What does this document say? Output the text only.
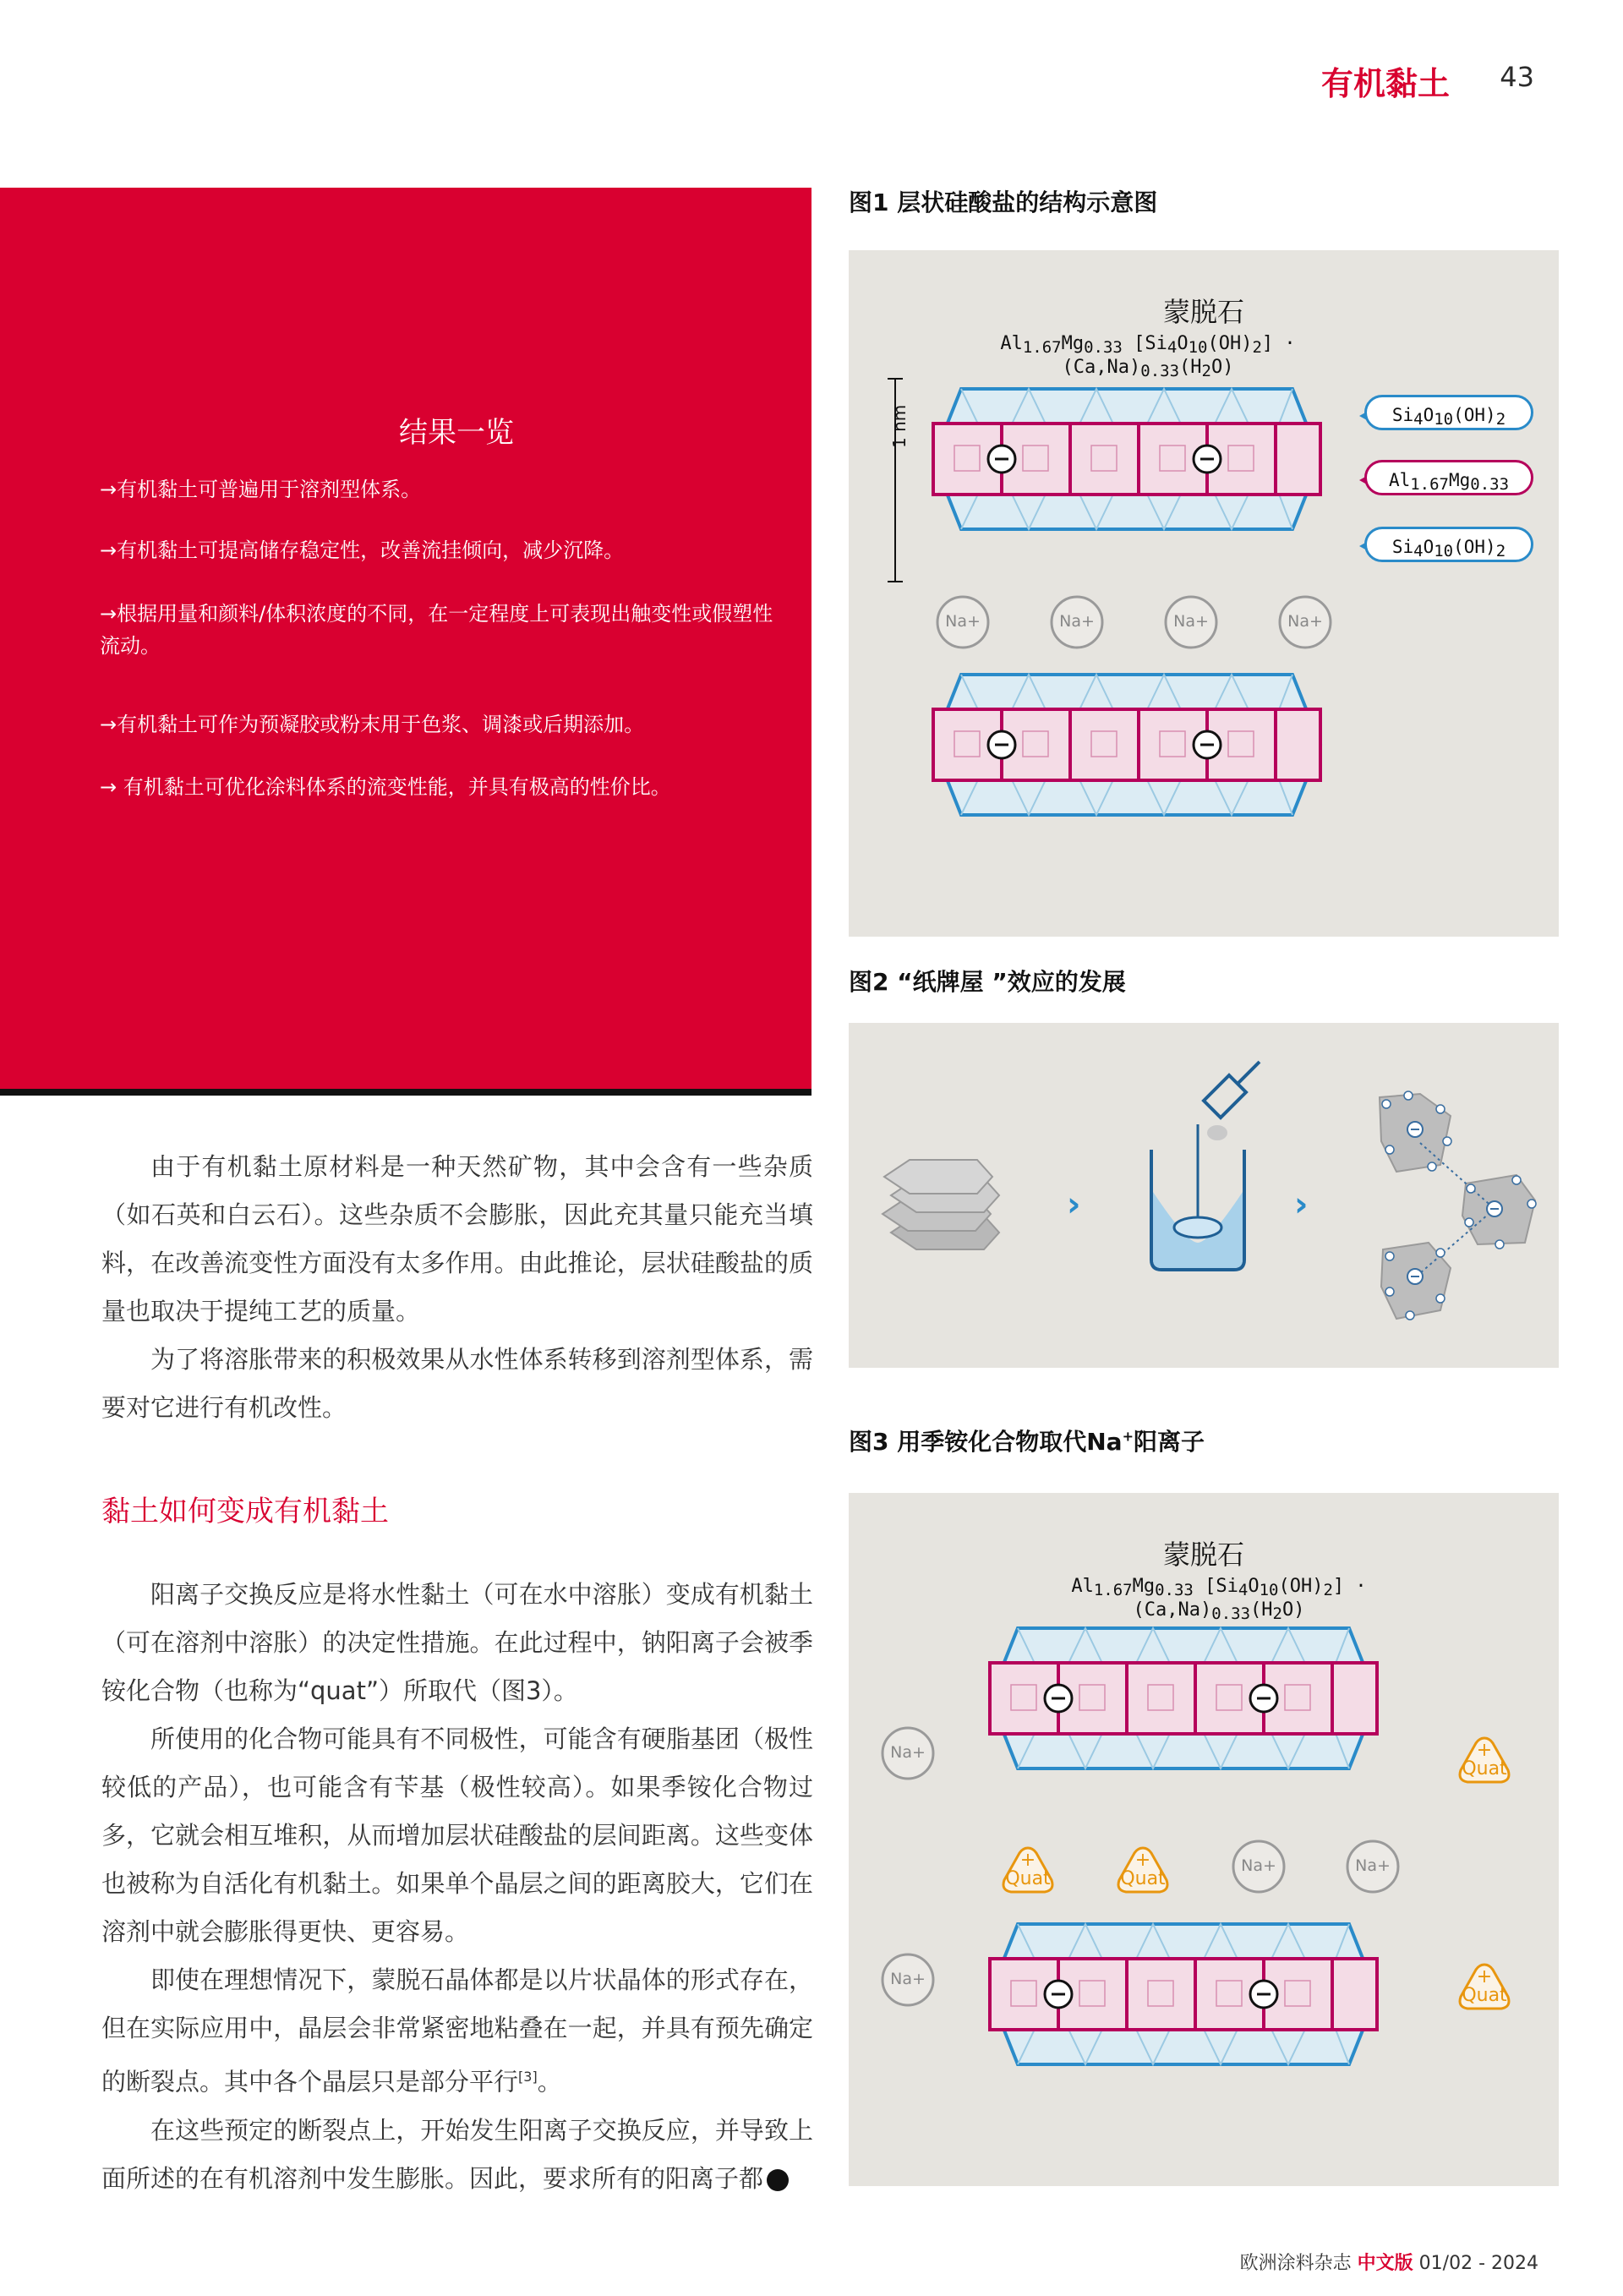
有机黏土 43
结果一览
→有机黏土可普遍用于溶剂型体系。
→有机黏土可提高储存稳定性，改善流挂倾向，减少沉降。
→根据用量和颜料/体积浓度的不同，在一定程度上可表现出触变性或假塑性流动。
→有机黏土可作为预凝胶或粉末用于色浆、调漆或后期添加。
→ 有机黏土可优化涂料体系的流变性能，并具有极高的性价比。

由于有机黏土原材料是一种天然矿物，其中会含有一些杂质（如石英和白云石）。这些杂质不会膨胀，因此充其量只能充当填料，在改善流变性方面没有太多作用。由此推论，层状硅酸盐的质量也取决于提纯工艺的质量。

为了将溶胀带来的积极效果从水性体系转移到溶剂型体系，需要对它进行有机改性。

黏土如何变成有机黏土

阳离子交换反应是将水性黏土（可在水中溶胀）变成有机黏土（可在溶剂中溶胀）的决定性措施。在此过程中，钠阳离子会被季铵化合物（也称为“quat”）所取代（图3）。

所使用的化合物可能具有不同极性，可能含有硬脂基团（极性较低的产品），也可能含有苄基（极性较高）。如果季铵化合物过多，它就会相互堆积，从而增加层状硅酸盐的层间距离。这些变体也被称为自活化有机黏土。如果单个晶层之间的距离胶大，它们在溶剂中就会膨胀得更快、更容易。

即使在理想情况下，蒙脱石晶体都是以片状晶体的形式存在，但在实际应用中，晶层会非常紧密地粘叠在一起，并具有预先确定的断裂点。其中各个晶层只是部分平行[3]。

在这些预定的断裂点上，开始发生阳离子交换反应，并导致上面所述的在有机溶剂中发生膨胀。因此，要求所有的阳离子都	›

图1 层状硅酸盐的结构示意图
蒙脱石
Al1.67Mg0.33 [Si4O10(OH)2] · (Ca,Na)0.33(H2O)
1 nm	Si4O10(OH)2
Al1.67Mg0.33
Si4O10(OH)2
Na+	Na+	Na+	Na+
图2 “纸牌屋 ”效应的发展
›	›
图3 用季铵化合物取代Na+阳离子
蒙脱石
Al1.67Mg0.33 [Si4O10(OH)2] · (Ca,Na)0.33(H2O)
Na+
Na+
Na+	Na+
+
Quat
+
Quat
+
Quat
+
Quat
欧洲涂料杂志 中文版 01/02 - 2024
